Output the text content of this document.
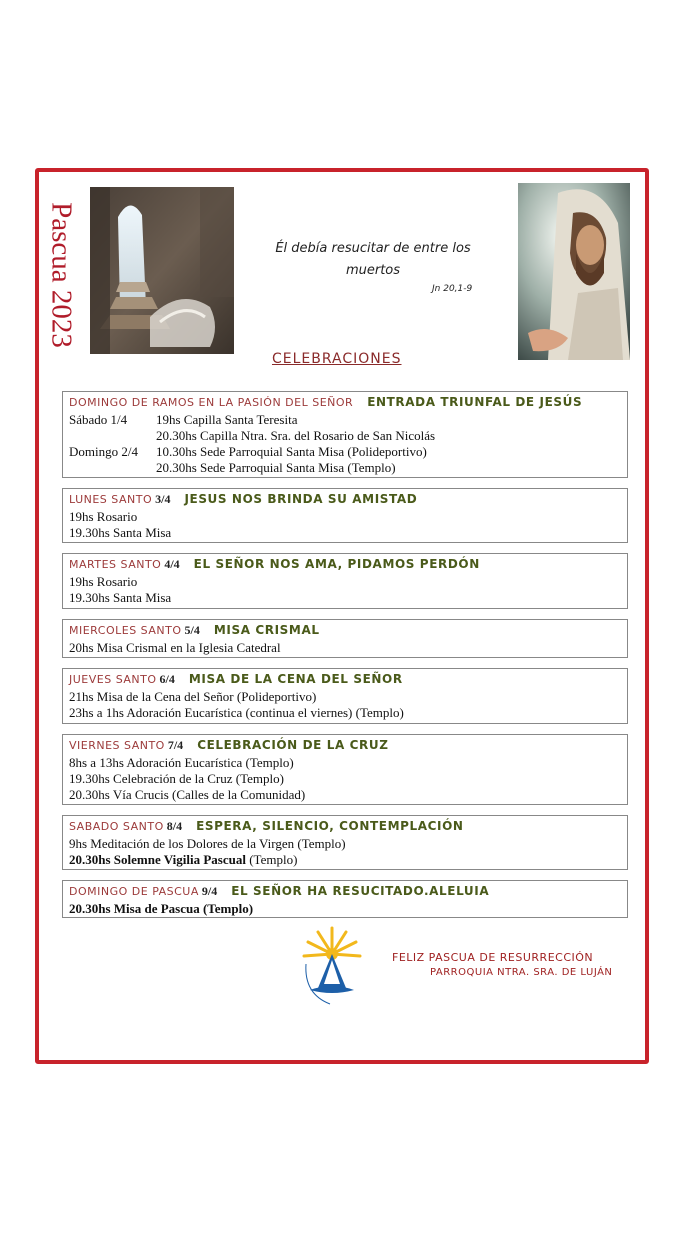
Pascua 2023	Él debía resucitar de entre los
muertos
Jn 20,1-9
CELEBRACIONES
DOMINGO DE RAMOS EN LA PASIÓN DEL SEÑOR ENTRADA TRIUNFAL DE JESÚS
Sábado 1/4	19hs Capilla Santa Teresita
20.30hs Capilla Ntra. Sra. del Rosario de San Nicolás
Domingo 2/4	10.30hs Sede Parroquial Santa Misa (Polideportivo)
20.30hs Sede Parroquial Santa Misa (Templo)
LUNES SANTO 3/4 JESUS NOS BRINDA SU AMISTAD
19hs Rosario
19.30hs Santa Misa
MARTES SANTO 4/4 EL SEÑOR NOS AMA, PIDAMOS PERDÓN
19hs Rosario
19.30hs Santa Misa
MIERCOLES SANTO 5/4 MISA CRISMAL
20hs Misa Crismal en la Iglesia Catedral
JUEVES SANTO 6/4 MISA DE LA CENA DEL SEÑOR
21hs Misa de la Cena del Señor (Polideportivo)
23hs a 1hs Adoración Eucarística (continua el viernes) (Templo)
VIERNES SANTO 7/4 CELEBRACIÓN DE LA CRUZ
8hs a 13hs Adoración Eucarística (Templo)
19.30hs Celebración de la Cruz (Templo)
20.30hs Vía Crucis (Calles de la Comunidad)
SABADO SANTO 8/4 ESPERA, SILENCIO, CONTEMPLACIÓN
9hs Meditación de los Dolores de la Virgen (Templo)
20.30hs Solemne Vigilia Pascual (Templo)
DOMINGO DE PASCUA 9/4 EL SEÑOR HA RESUCITADO.ALELUIA
20.30hs Misa de Pascua (Templo)
FELIZ PASCUA DE RESURRECCIÓN
PARROQUIA NTRA. SRA. DE LUJÁN
